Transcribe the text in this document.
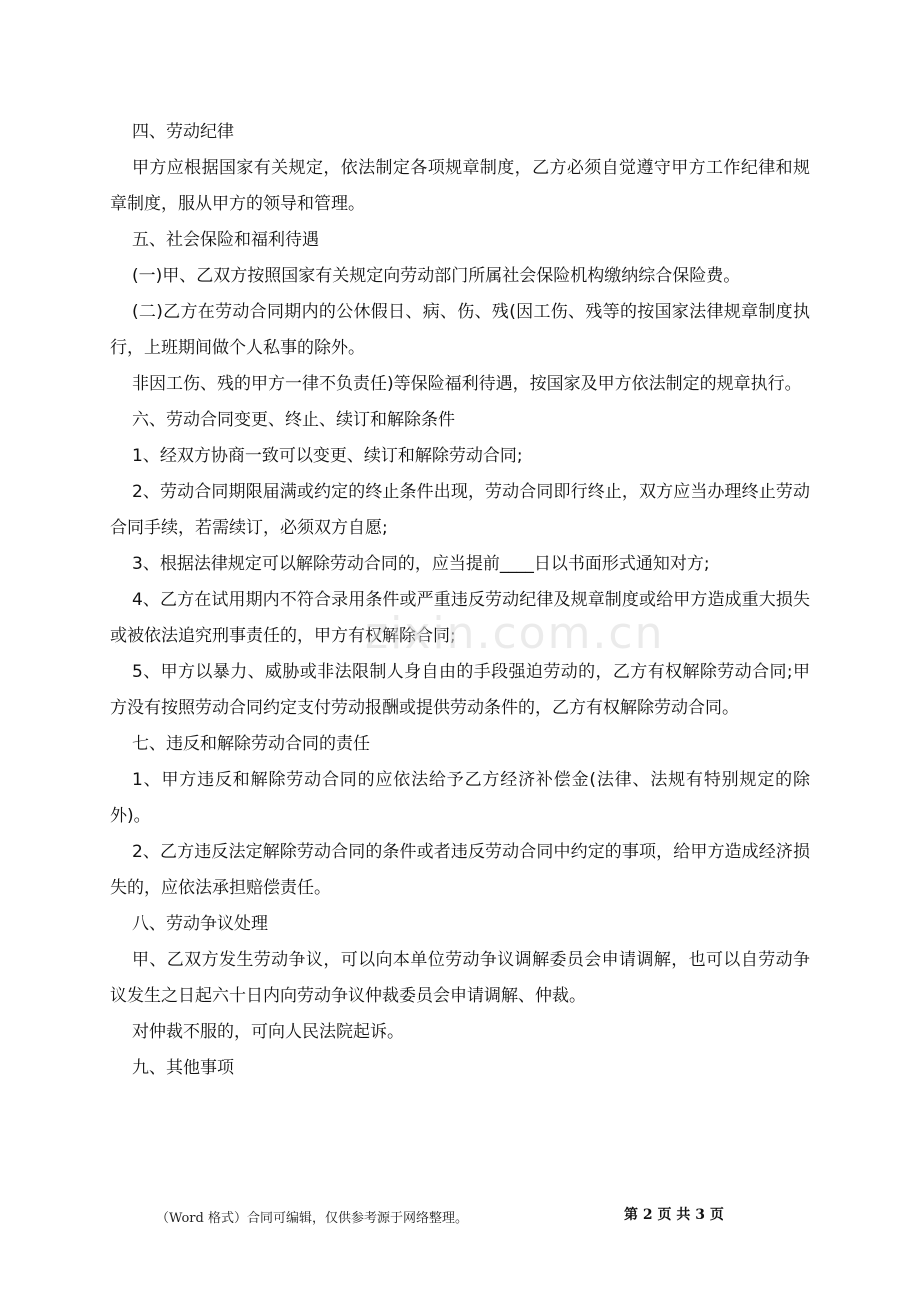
四、劳动纪律

甲方应根据国家有关规定，依法制定各项规章制度，乙方必须自觉遵守甲方工作纪律和规章制度，服从甲方的领导和管理。

五、社会保险和福利待遇

(一)甲、乙双方按照国家有关规定向劳动部门所属社会保险机构缴纳综合保险费。

(二)乙方在劳动合同期内的公休假日、病、伤、残(因工伤、残等的按国家法律规章制度执行，上班期间做个人私事的除外。

非因工伤、残的甲方一律不负责任)等保险福利待遇，按国家及甲方依法制定的规章执行。

六、劳动合同变更、终止、续订和解除条件

1、经双方协商一致可以变更、续订和解除劳动合同;

2、劳动合同期限届满或约定的终止条件出现，劳动合同即行终止，双方应当办理终止劳动合同手续，若需续订，必须双方自愿;

3、根据法律规定可以解除劳动合同的，应当提前____日以书面形式通知对方;

4、乙方在试用期内不符合录用条件或严重违反劳动纪律及规章制度或给甲方造成重大损失或被依法追究刑事责任的，甲方有权解除合同;

5、甲方以暴力、威胁或非法限制人身自由的手段强迫劳动的，乙方有权解除劳动合同;甲方没有按照劳动合同约定支付劳动报酬或提供劳动条件的，乙方有权解除劳动合同。

七、违反和解除劳动合同的责任

1、甲方违反和解除劳动合同的应依法给予乙方经济补偿金(法律、法规有特别规定的除外)。

2、乙方违反法定解除劳动合同的条件或者违反劳动合同中约定的事项，给甲方造成经济损失的，应依法承担赔偿责任。

八、劳动争议处理

甲、乙双方发生劳动争议，可以向本单位劳动争议调解委员会申请调解，也可以自劳动争议发生之日起六十日内向劳动争议仲裁委员会申请调解、仲裁。

对仲裁不服的，可向人民法院起诉。

九、其他事项

zixin.com.cn
（Word 格式）合同可编辑，仅供参考源于网络整理。	第 2 页 共 3 页
